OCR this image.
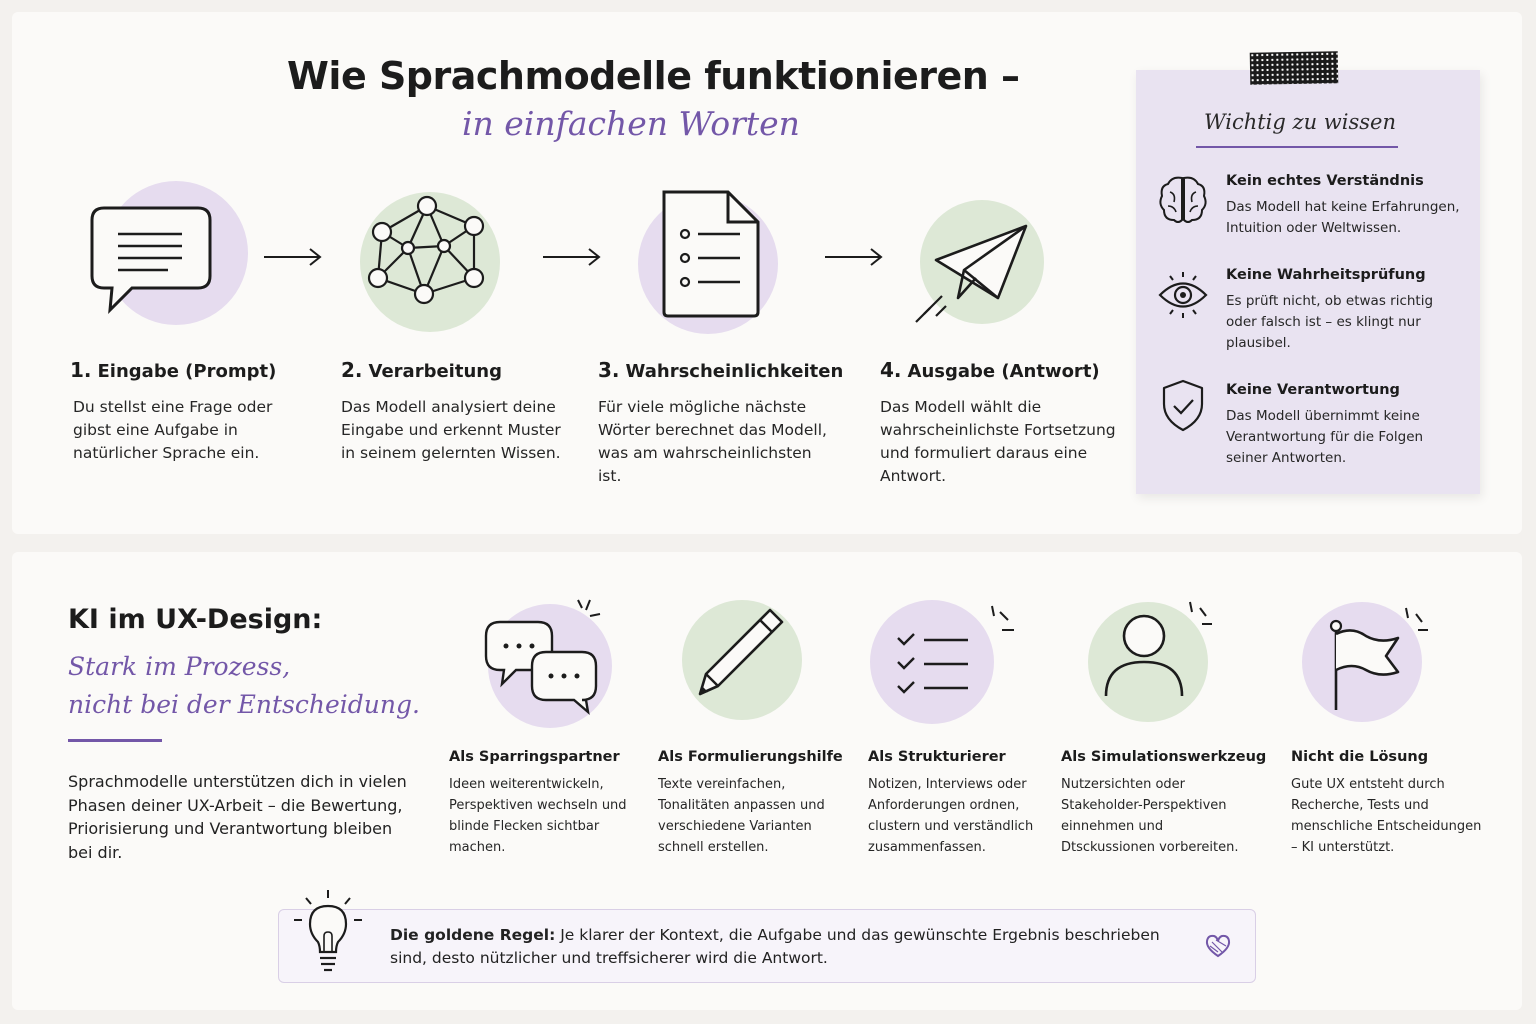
Wie Sprachmodelle funktionieren –
in einfachen Worten
1. Eingabe (Prompt)
Du stellst eine Frage oder gibst eine Aufgabe in natürlicher Sprache ein.
2. Verarbeitung
Das Modell analysiert deine Eingabe und erkennt Muster in seinem gelernten Wissen.
3. Wahrscheinlichkeiten
Für viele mögliche nächste Wörter berechnet das Modell, was am wahrscheinlichsten ist.
4. Ausgabe (Antwort)
Das Modell wählt die wahrscheinlichste Fortsetzung und formuliert daraus eine Antwort.
Wichtig zu wissen
Kein echtes Verständnis
Das Modell hat keine Erfahrungen, Intuition oder Weltwissen.
Keine Wahrheitsprüfung
Es prüft nicht, ob etwas richtig oder falsch ist – es klingt nur plausibel.
Keine Verantwortung
Das Modell übernimmt keine Verantwortung für die Folgen seiner Antworten.
KI im UX-Design:
Stark im Prozess,
nicht bei der Entscheidung.
Sprachmodelle unterstützen dich in vielen Phasen deiner UX-Arbeit – die Bewertung, Priorisierung und Verantwortung bleiben bei dir.
Als Sparringspartner
Ideen weiterentwickeln, Perspektiven wechseln und blinde Flecken sichtbar machen.
Als Formulierungshilfe
Texte vereinfachen, Tonalitäten anpassen und verschiedene Varianten schnell erstellen.
Als Strukturierer
Notizen, Interviews oder Anforderungen ordnen, clustern und verständlich zusammenfassen.
Als Simulationswerkzeug
Nutzersichten oder Stakeholder-Perspektiven einnehmen und Dtsckussionen vorbereiten.
Nicht die Lösung
Gute UX entsteht durch Recherche, Tests und menschliche Entscheidungen – KI unterstützt.
Die goldene Regel: Je klarer der Kontext, die Aufgabe und das gewünschte Ergebnis beschrieben sind, desto nützlicher und treffsicherer wird die Antwort.
